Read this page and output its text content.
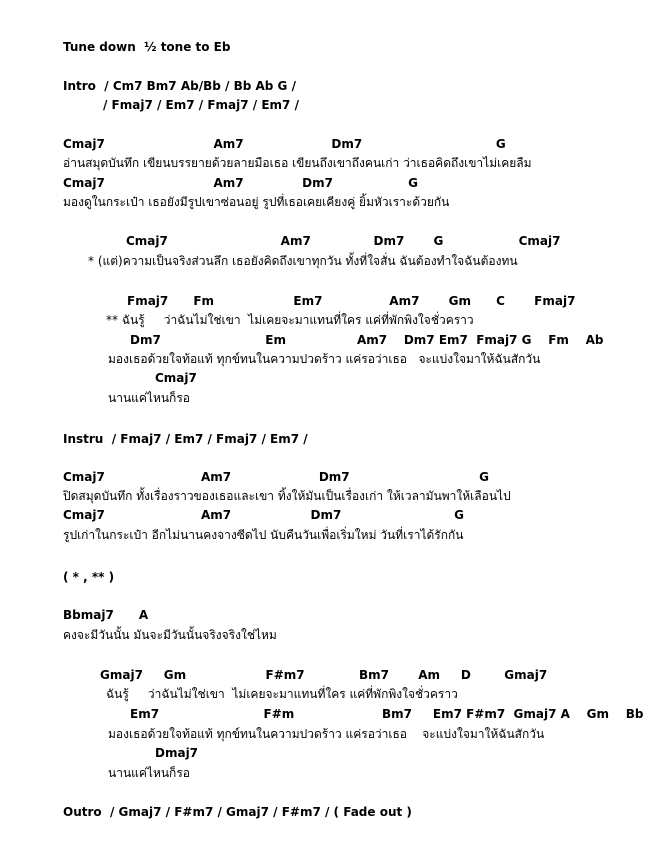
Tune down  ½ tone to Eb
Intro  / Cm7 Bm7 Ab/Bb / Bb Ab G /
/ Fmaj7 / Em7 / Fmaj7 / Em7 /
Cmaj7                          Am7                     Dm7                                G
อ่านสมุดบันทึก เขียนบรรยายด้วยลายมือเธอ เขียนถึงเขาถึงคนเก่า ว่าเธอคิดถึงเขาไม่เคยลืม
Cmaj7                          Am7              Dm7                  G
มองดูในกระเป๋า เธอยังมีรูปเขาซ่อนอยู่ รูปที่เธอเคยเคียงคู่ ยิ้มหัวเราะด้วยกัน
Cmaj7                           Am7               Dm7       G                  Cmaj7
* (แต่)ความเป็นจริงส่วนลึก เธอยังคิดถึงเขาทุกวัน ทั้งที่ใจสั่น ฉันต้องทำใจฉันต้องทน
Fmaj7      Fm                   Em7                Am7       Gm      C       Fmaj7
** ฉันรู้     ว่าฉันไม่ใช่เขา  ไม่เคยจะมาแทนที่ใคร แค่ที่พักพิงใจชั่วคราว
Dm7                         Em                 Am7    Dm7 Em7  Fmaj7 G    Fm    Ab
มองเธอด้วยใจท้อแท้ ทุกข์ทนในความปวดร้าว แค่รอว่าเธอ   จะแบ่งใจมาให้ฉันสักวัน
Cmaj7
นานแค่ไหนก็รอ
Instru  / Fmaj7 / Em7 / Fmaj7 / Em7 /
Cmaj7                       Am7                     Dm7                               G
ปิดสมุดบันทึก ทั้งเรื่องราวของเธอและเขา ทิ้งให้มันเป็นเรื่องเก่า ให้เวลามันพาให้เลือนไป
Cmaj7                       Am7                   Dm7                           G
รูปเก่าในกระเป๋า อีกไม่นานคงจางซีดไป นับคืนวันเพื่อเริ่มใหม่ วันที่เราได้รักกัน
( * , ** )
Bbmaj7      A
คงจะมีวันนั้น มันจะมีวันนั้นจริงจริงใช่ไหม
Gmaj7     Gm                   F#m7             Bm7       Am     D        Gmaj7
ฉันรู้     ว่าฉันไม่ใช่เขา  ไม่เคยจะมาแทนที่ใคร แค่ที่พักพิงใจชั่วคราว
Em7                         F#m                     Bm7     Em7 F#m7  Gmaj7 A    Gm    Bb
มองเธอด้วยใจท้อแท้ ทุกข์ทนในความปวดร้าว แค่รอว่าเธอ    จะแบ่งใจมาให้ฉันสักวัน
Dmaj7
นานแค่ไหนก็รอ
Outro  / Gmaj7 / F#m7 / Gmaj7 / F#m7 / ( Fade out )
